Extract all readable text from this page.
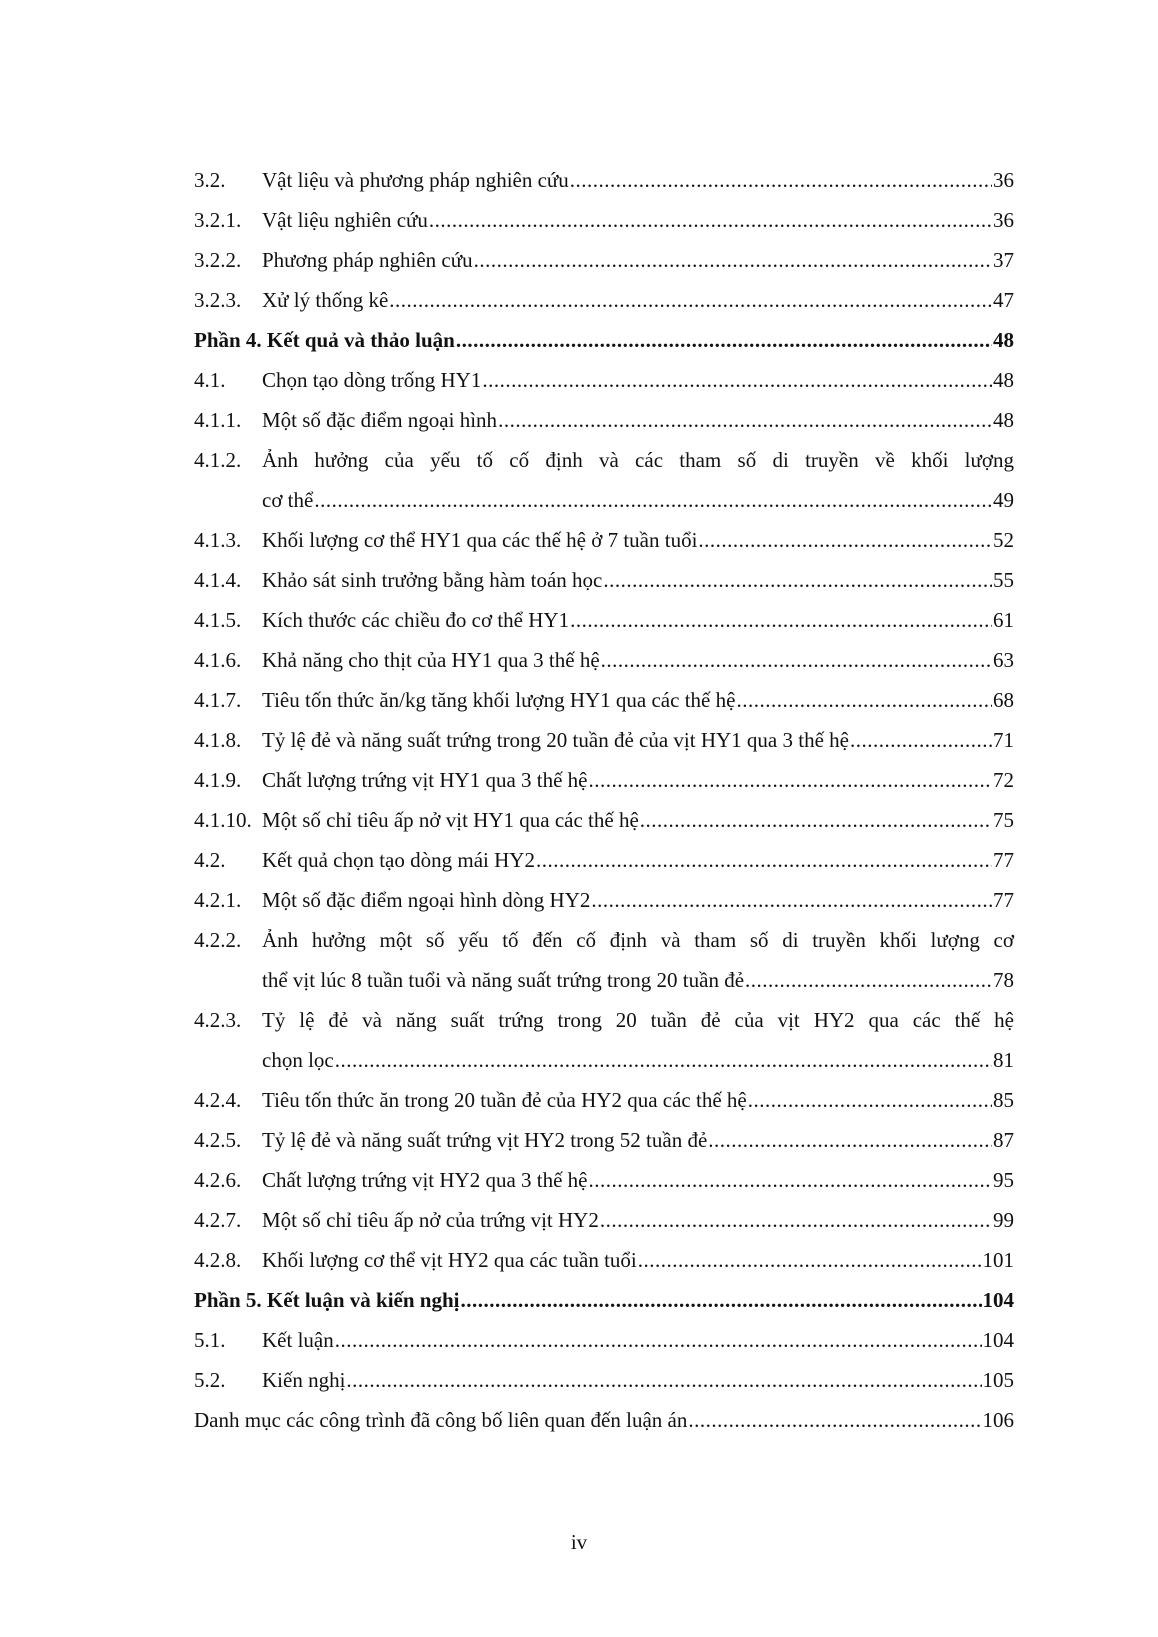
3.2.	Vật liệu và phương pháp nghiên cứu .....	36
3.2.1. Vật liệu nghiên cứu .....	36
3.2.2. Phương pháp nghiên cứu .....	37
3.2.3. Xử lý thống kê .....	47
Phần 4. Kết quả và thảo luận .....	48
4.1.	Chọn tạo dòng trống HY1 .....	48
4.1.1. Một số đặc điểm ngoại hình .....	48
4.1.2. Ảnh hưởng của yếu tố cố định và các tham số di truyền về khối lượng
cơ thể .....	49
4.1.3. Khối lượng cơ thể HY1 qua các thế hệ ở 7 tuần tuổi .....	52
4.1.4. Khảo sát sinh trưởng bằng hàm toán học .....	55
4.1.5. Kích thước các chiều đo cơ thể HY1 .....	61
4.1.6. Khả năng cho thịt của HY1 qua 3 thế hệ .....	63
4.1.7. Tiêu tốn thức ăn/kg tăng khối lượng HY1 qua các thế hệ .....	68
4.1.8. Tỷ lệ đẻ và năng suất trứng trong 20 tuần đẻ của vịt HY1 qua 3 thế hệ .....	71
4.1.9. Chất lượng trứng vịt HY1 qua 3 thế hệ .....	72
4.1.10. Một số chỉ tiêu ấp nở vịt HY1 qua các thế hệ .....	75
4.2.	Kết quả chọn tạo dòng mái HY2 .....	77
4.2.1. Một số đặc điểm ngoại hình dòng HY2 .....	77
4.2.2. Ảnh hưởng một số yếu tố đến cố định và tham số di truyền khối lượng cơ
thể vịt lúc 8 tuần tuổi và năng suất trứng trong 20 tuần đẻ .....	78
4.2.3. Tỷ lệ đẻ và năng suất trứng trong 20 tuần đẻ của vịt HY2 qua các thế hệ
chọn lọc .....	81
4.2.4. Tiêu tốn thức ăn trong 20 tuần đẻ của HY2 qua các thế hệ .....	85
4.2.5. Tỷ lệ đẻ và năng suất trứng vịt HY2 trong 52 tuần đẻ .....	87
4.2.6. Chất lượng trứng vịt HY2 qua 3 thế hệ .....	95
4.2.7. Một số chỉ tiêu ấp nở của trứng vịt HY2 .....	99
4.2.8. Khối lượng cơ thể vịt HY2 qua các tuần tuổi .....	101
Phần 5. Kết luận và kiến nghị .....	104
5.1.	Kết luận .....	104
5.2.	Kiến nghị .....	105
Danh mục các công trình đã công bố liên quan đến luận án .....	106
iv
